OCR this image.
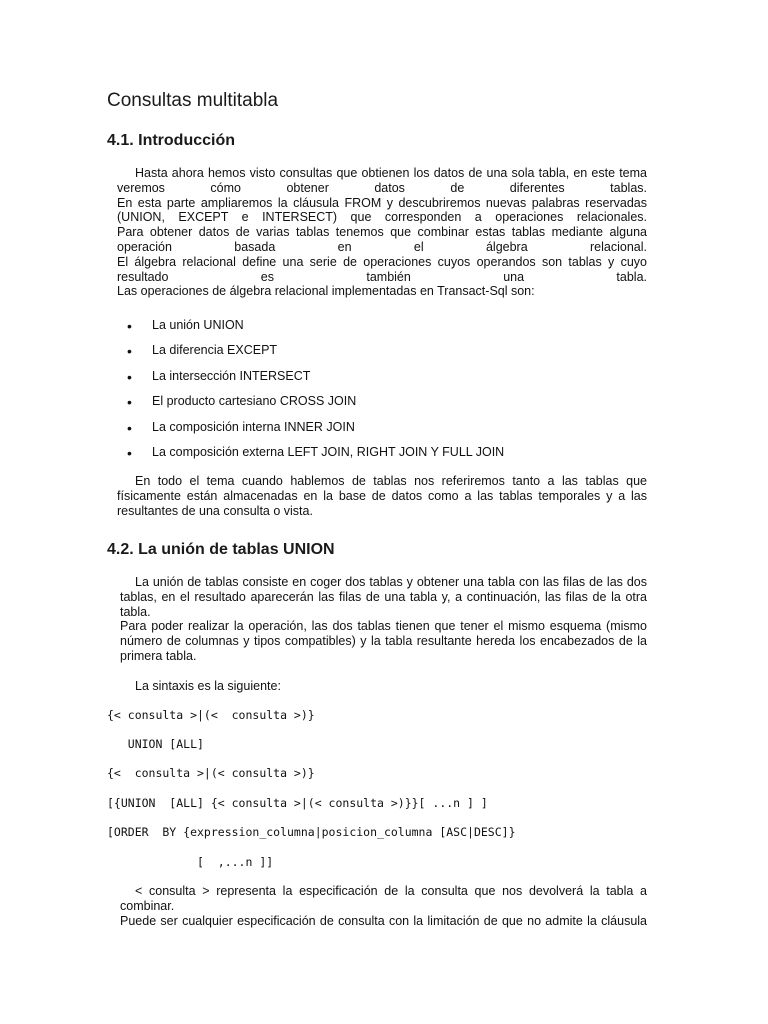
Consultas multitabla
4.1. Introducción
Hasta ahora hemos visto consultas que obtienen los datos de una sola tabla, en este tema
veremos cómo obtener datos de diferentes tablas.
En esta parte ampliaremos la cláusula FROM y descubriremos nuevas palabras reservadas
(UNION, EXCEPT e INTERSECT) que corresponden a operaciones relacionales.
Para obtener datos de varias tablas tenemos que combinar estas tablas mediante alguna
operación basada en el álgebra relacional.
El álgebra relacional define una serie de operaciones cuyos operandos son tablas y cuyo
resultado es también una tabla.
Las operaciones de álgebra relacional implementadas en Transact-Sql son:
• La unión UNION
• La diferencia EXCEPT
• La intersección INTERSECT
• El producto cartesiano CROSS JOIN
• La composición interna INNER JOIN
• La composición externa LEFT JOIN, RIGHT JOIN Y FULL JOIN
En todo el tema cuando hablemos de tablas nos referiremos tanto a las tablas que
físicamente están almacenadas en la base de datos como a las tablas temporales y a las
resultantes de una consulta o vista.
4.2. La unión de tablas UNION
La unión de tablas consiste en coger dos tablas y obtener una tabla con las filas de las dos
tablas, en el resultado aparecerán las filas de una tabla y, a continuación, las filas de la otra
tabla.
Para poder realizar la operación, las dos tablas tienen que tener el mismo esquema (mismo
número de columnas y tipos compatibles) y la tabla resultante hereda los encabezados de la
primera tabla.
La sintaxis es la siguiente:
{< consulta >|(<  consulta >)}
UNION [ALL]
{<  consulta >|(< consulta >)}
[{UNION  [ALL] {< consulta >|(< consulta >)}}[ ...n ] ]
[ORDER  BY {expression_columna|posicion_columna [ASC|DESC]}
[  ,...n ]]
< consulta > representa la especificación de la consulta que nos devolverá la tabla a
combinar.
Puede ser cualquier especificación de consulta con la limitación de que no admite la cláusula
